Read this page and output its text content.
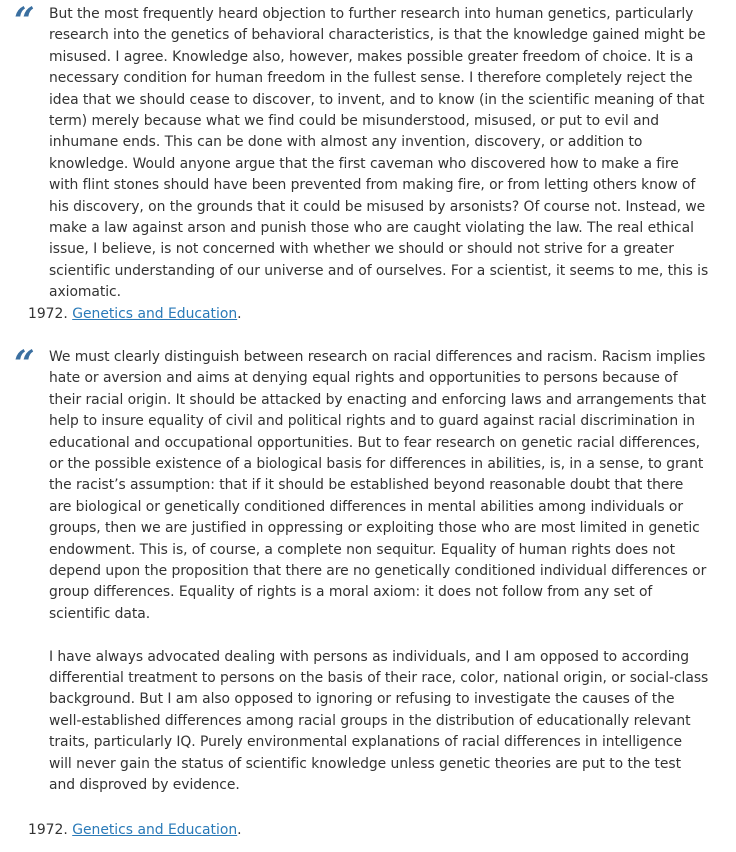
“ But the most frequently heard objection to further research into human genetics, particularly research into the genetics of behavioral characteristics, is that the knowledge gained might be misused. I agree. Knowledge also, however, makes possible greater freedom of choice. It is a necessary condition for human freedom in the fullest sense. I therefore completely reject the idea that we should cease to discover, to invent, and to know (in the scientific meaning of that term) merely because what we find could be misunderstood, misused, or put to evil and inhumane ends. This can be done with almost any invention, discovery, or addition to knowledge. Would anyone argue that the first caveman who discovered how to make a fire with flint stones should have been prevented from making fire, or from letting others know of his discovery, on the grounds that it could be misused by arsonists? Of course not. Instead, we make a law against arson and punish those who are caught violating the law. The real ethical issue, I believe, is not concerned with whether we should or should not strive for a greater scientific understanding of our universe and of ourselves. For a scientist, it seems to me, this is axiomatic.

1972. Genetics and Education.
“ We must clearly distinguish between research on racial differences and racism. Racism implies hate or aversion and aims at denying equal rights and opportunities to persons because of their racial origin. It should be attacked by enacting and enforcing laws and arrangements that help to insure equality of civil and political rights and to guard against racial discrimination in educational and occupational opportunities. But to fear research on genetic racial differences, or the possible existence of a biological basis for differences in abilities, is, in a sense, to grant the racist’s assumption: that if it should be established beyond reasonable doubt that there are biological or genetically conditioned differences in mental abilities among individuals or groups, then we are justified in oppressing or exploiting those who are most limited in genetic endowment. This is, of course, a complete non sequitur. Equality of human rights does not depend upon the proposition that there are no genetically conditioned individual differences or group differences. Equality of rights is a moral axiom: it does not follow from any set of scientific data.

I have always advocated dealing with persons as individuals, and I am opposed to according differential treatment to persons on the basis of their race, color, national origin, or social-class background. But I am also opposed to ignoring or refusing to investigate the causes of the well-established differences among racial groups in the distribution of educationally relevant traits, particularly IQ. Purely environmental explanations of racial differences in intelligence will never gain the status of scientific knowledge unless genetic theories are put to the test and disproved by evidence.

1972. Genetics and Education.
